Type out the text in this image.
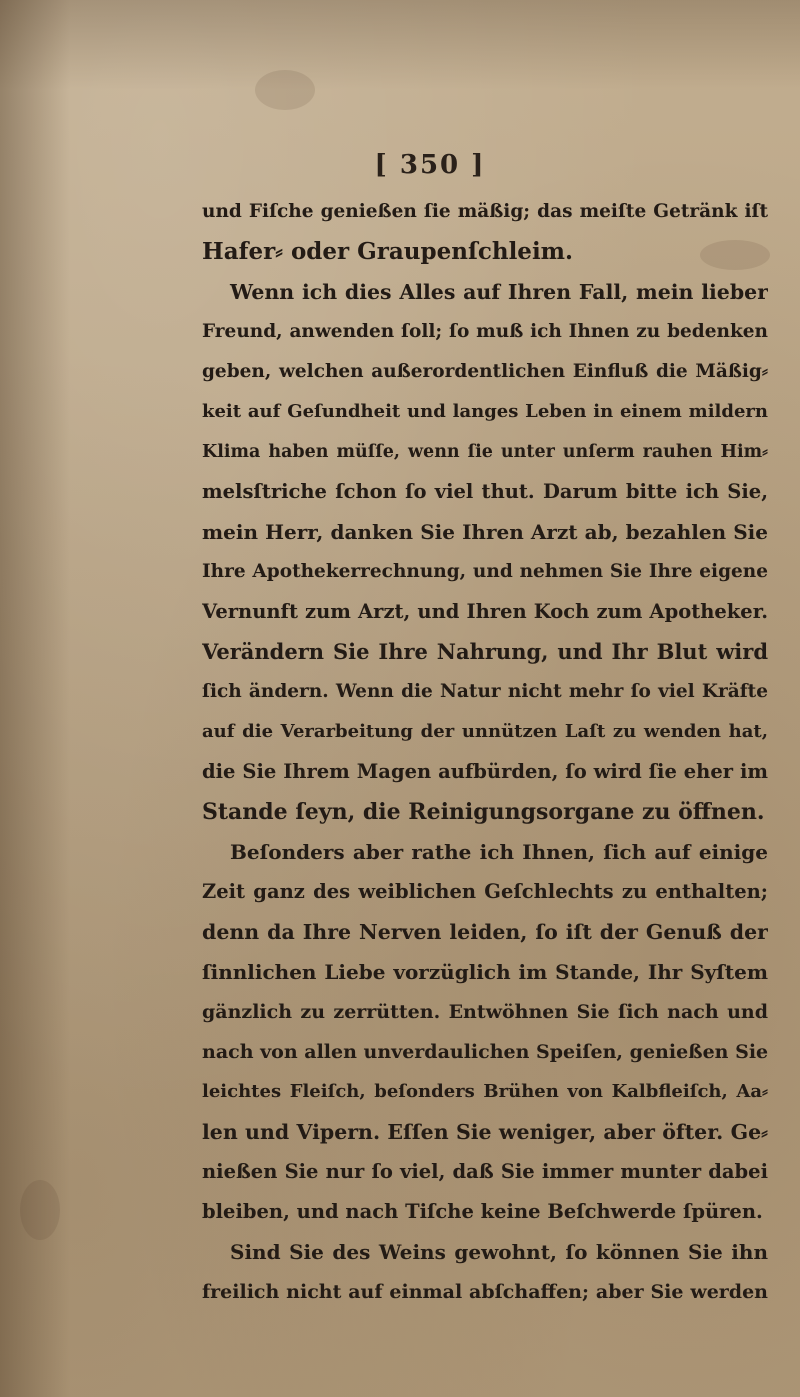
[ 350 ]
und Fiſche genießen ſie mäßig; das meiſte Getränk iſt
Hafer⸗ oder Graupenſchleim.
Wenn ich dies Alles auf Ihren Fall, mein lieber
Freund, anwenden ſoll; ſo muß ich Ihnen zu bedenken
geben, welchen außerordentlichen Einfluß die Mäßig⸗
keit auf Geſundheit und langes Leben in einem mildern
Klima haben müſſe, wenn ſie unter unſerm rauhen Him⸗
melsſtriche ſchon ſo viel thut. Darum bitte ich Sie,
mein Herr, danken Sie Ihren Arzt ab, bezahlen Sie
Ihre Apothekerrechnung, und nehmen Sie Ihre eigene
Vernunft zum Arzt, und Ihren Koch zum Apotheker.
Verändern Sie Ihre Nahrung, und Ihr Blut wird
ſich ändern. Wenn die Natur nicht mehr ſo viel Kräfte
auf die Verarbeitung der unnützen Laſt zu wenden hat,
die Sie Ihrem Magen aufbürden, ſo wird ſie eher im
Stande ſeyn, die Reinigungsorgane zu öffnen.
Beſonders aber rathe ich Ihnen, ſich auf einige
Zeit ganz des weiblichen Geſchlechts zu enthalten;
denn da Ihre Nerven leiden, ſo iſt der Genuß der
ſinnlichen Liebe vorzüglich im Stande, Ihr Syſtem
gänzlich zu zerrütten. Entwöhnen Sie ſich nach und
nach von allen unverdaulichen Speiſen, genießen Sie
leichtes Fleiſch, beſonders Brühen von Kalbfleiſch, Aa⸗
len und Vipern. Eſſen Sie weniger, aber öfter. Ge⸗
nießen Sie nur ſo viel, daß Sie immer munter dabei
bleiben, und nach Tiſche keine Beſchwerde ſpüren.
Sind Sie des Weins gewohnt, ſo können Sie ihn
freilich nicht auf einmal abſchaffen; aber Sie werden
